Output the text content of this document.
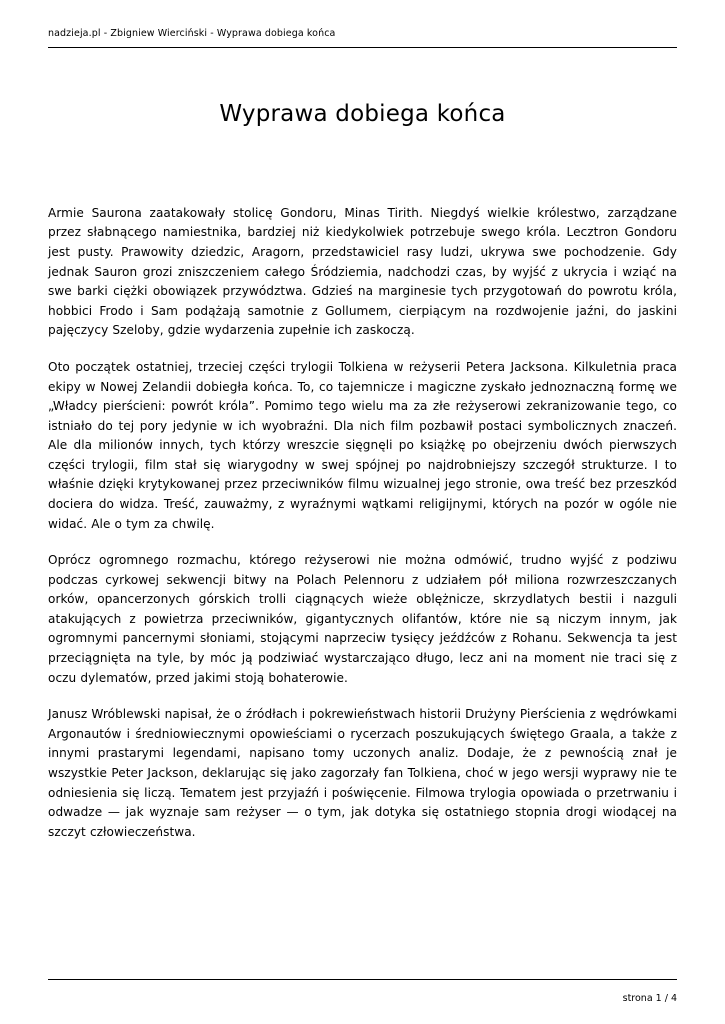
nadzieja.pl - Zbigniew Wierciński - Wyprawa dobiega końca
Wyprawa dobiega końca

Armie Saurona zaatakowały stolicę Gondoru, Minas Tirith. Niegdyś wielkie królestwo, zarządzane przez słabnącego namiestnika, bardziej niż kiedykolwiek potrzebuje swego króla. Lecztron Gondoru jest pusty. Prawowity dziedzic, Aragorn, przedstawiciel rasy ludzi, ukrywa swe pochodzenie. Gdy jednak Sauron grozi zniszczeniem całego Śródziemia, nadchodzi czas, by wyjść z ukrycia i wziąć na swe barki ciężki obowiązek przywództwa. Gdzieś na marginesie tych przygotowań do powrotu króla, hobbici Frodo i Sam podążają samotnie z Gollumem, cierpiącym na rozdwojenie jaźni, do jaskini pajęczycy Szeloby, gdzie wydarzenia zupełnie ich zaskoczą.

Oto początek ostatniej, trzeciej części trylogii Tolkiena w reżyserii Petera Jacksona. Kilkuletnia praca ekipy w Nowej Zelandii dobiegła końca. To, co tajemnicze i magiczne zyskało jednoznaczną formę we „Władcy pierścieni: powrót króla”. Pomimo tego wielu ma za złe reżyserowi zekranizowanie tego, co istniało do tej pory jedynie w ich wyobraźni. Dla nich film pozbawił postaci symbolicznych znaczeń. Ale dla milionów innych, tych którzy wreszcie sięgnęli po książkę po obejrzeniu dwóch pierwszych części trylogii, film stał się wiarygodny w swej spójnej po najdrobniejszy szczegół strukturze. I to właśnie dzięki krytykowanej przez przeciwników filmu wizualnej jego stronie, owa treść bez przeszkód dociera do widza. Treść, zauważmy, z wyraźnymi wątkami religijnymi, których na pozór w ogóle nie widać. Ale o tym za chwilę.

Oprócz ogromnego rozmachu, którego reżyserowi nie można odmówić, trudno wyjść z podziwu podczas cyrkowej sekwencji bitwy na Polach Pelennoru z udziałem pół miliona rozwrzeszczanych orków, opancerzonych górskich trolli ciągnących wieże oblężnicze, skrzydlatych bestii i nazguli atakujących z powietrza przeciwników, gigantycznych olifantów, które nie są niczym innym, jak ogromnymi pancernymi słoniami, stojącymi naprzeciw tysięcy jeźdźców z Rohanu. Sekwencja ta jest przeciągnięta na tyle, by móc ją podziwiać wystarczająco długo, lecz ani na moment nie traci się z oczu dylematów, przed jakimi stoją bohaterowie.

Janusz Wróblewski napisał, że o źródłach i pokrewieństwach historii Drużyny Pierścienia z wędrówkami Argonautów i średniowiecznymi opowieściami o rycerzach poszukujących świętego Graala, a także z innymi prastarymi legendami, napisano tomy uczonych analiz. Dodaje, że z pewnością znał je wszystkie Peter Jackson, deklarując się jako zagorzały fan Tolkiena, choć w jego wersji wyprawy nie te odniesienia się liczą. Tematem jest przyjaźń i poświęcenie. Filmowa trylogia opowiada o przetrwaniu i odwadze — jak wyznaje sam reżyser — o tym, jak dotyka się ostatniego stopnia drogi wiodącej na szczyt człowieczeństwa.

strona 1 / 4
